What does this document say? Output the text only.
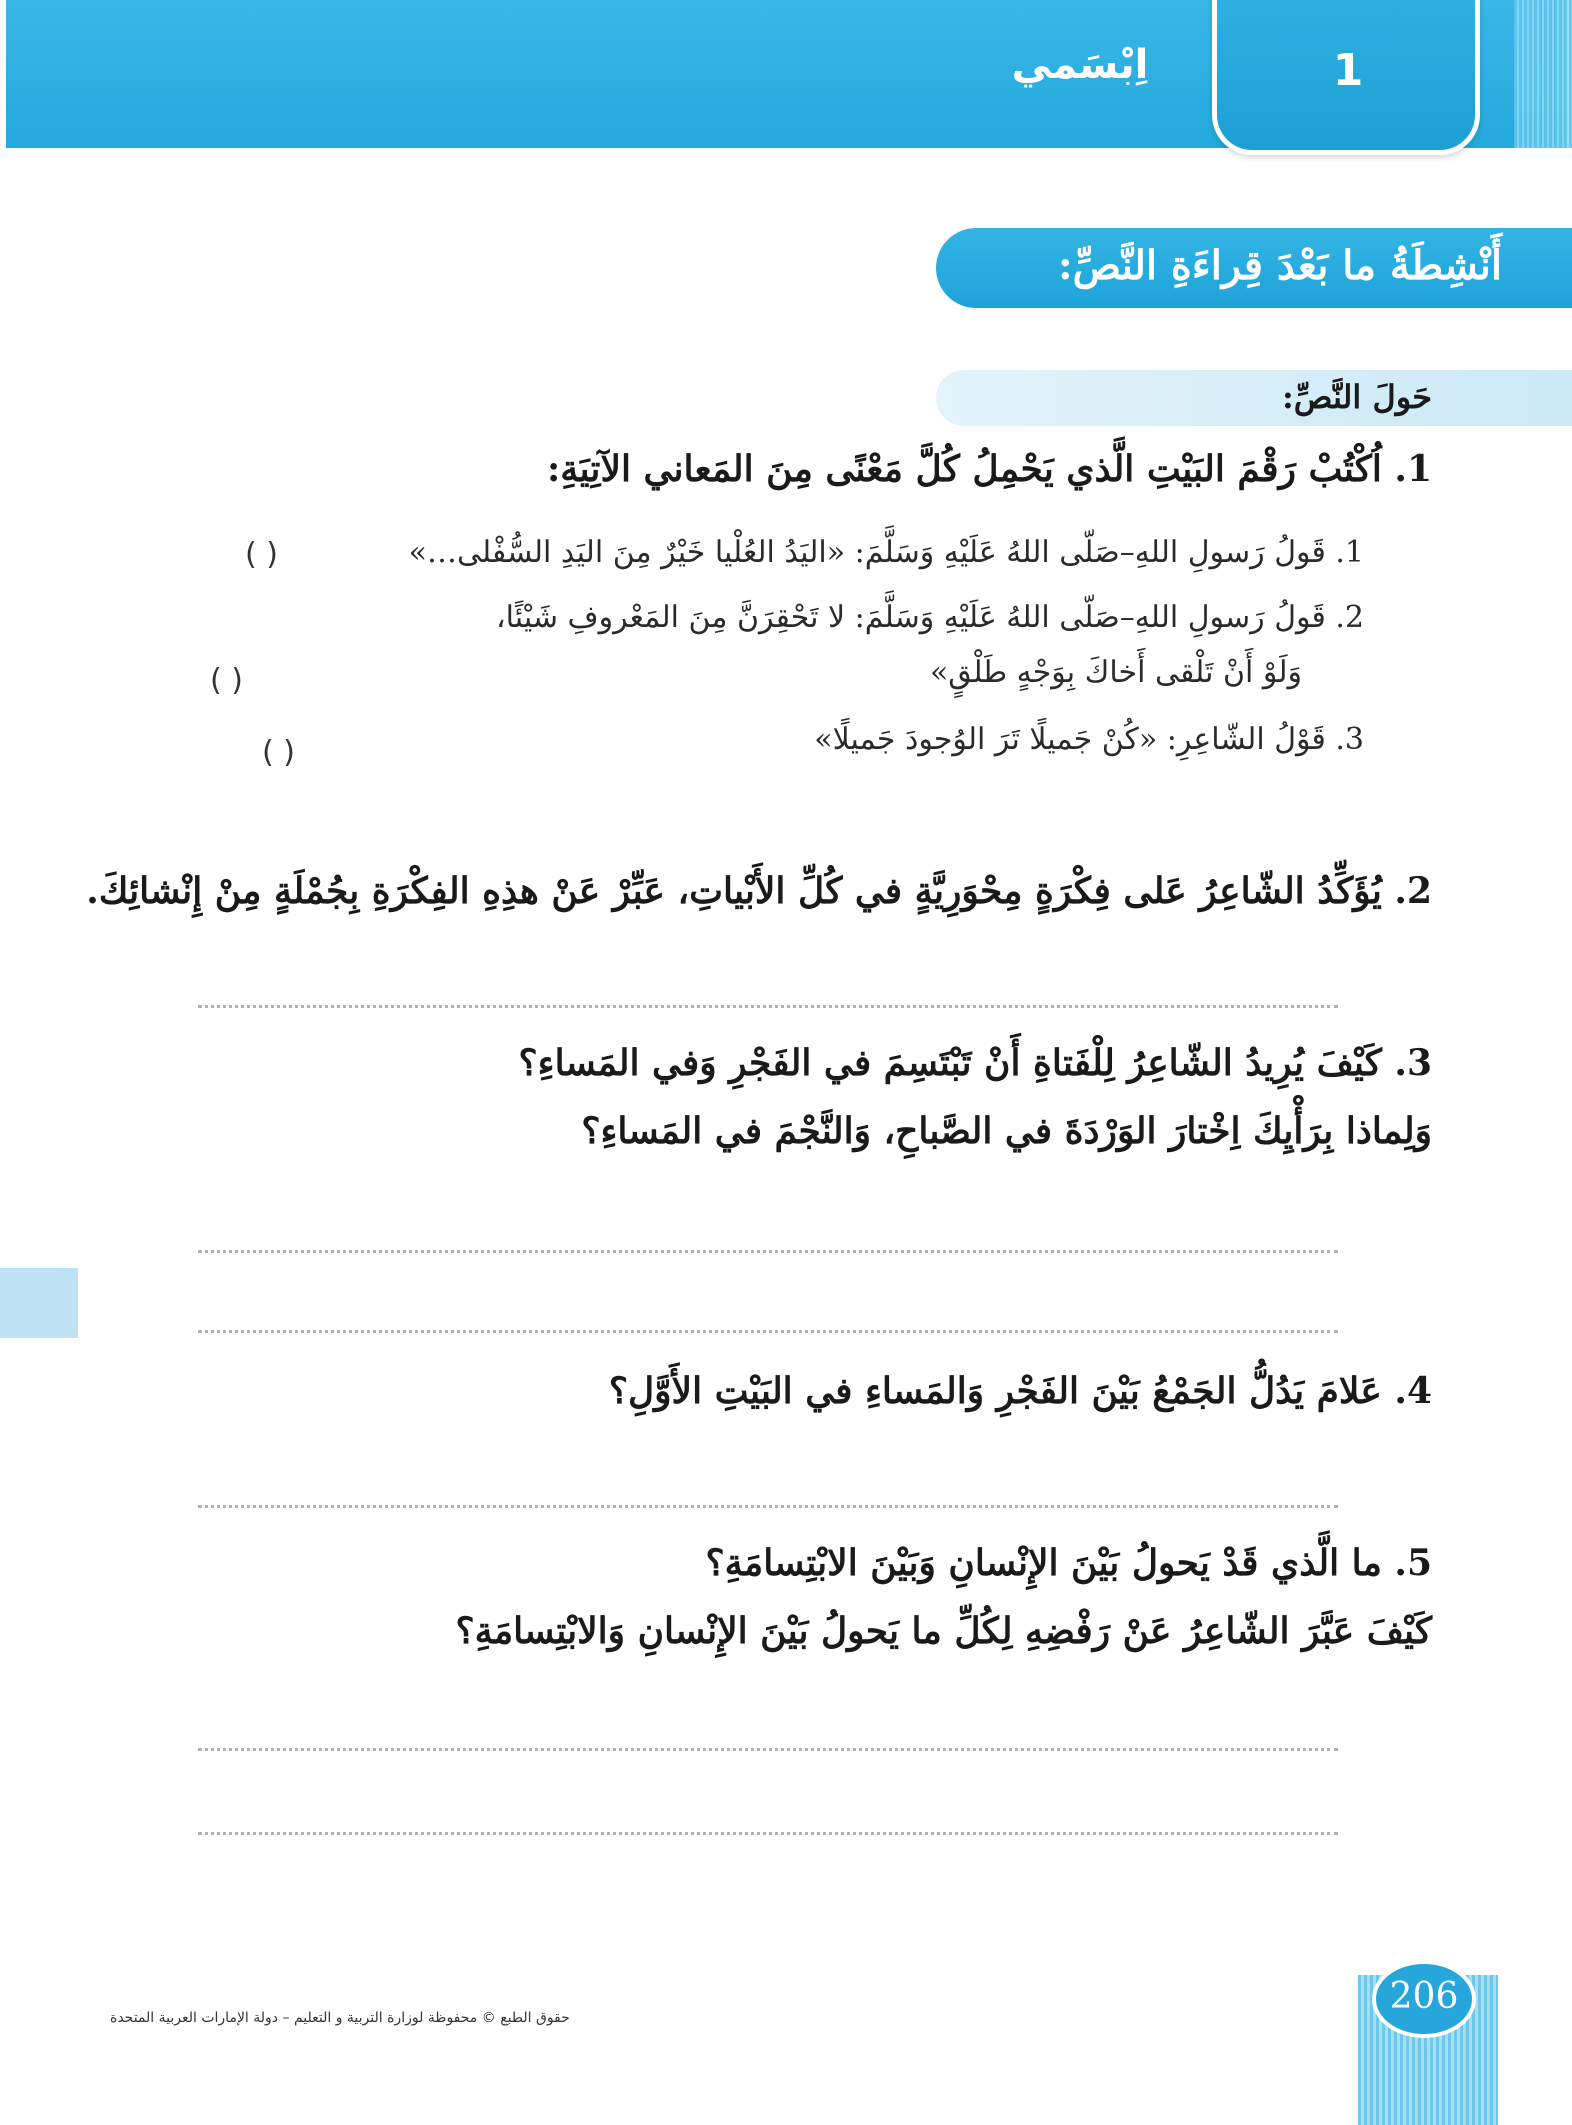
1
اِبْسَمي
أَنْشِطَةُ ما بَعْدَ قِراءَةِ النَّصِّ:
حَولَ النَّصِّ:
1. اُكْتُبْ رَقْمَ البَيْتِ الَّذي يَحْمِلُ كُلَّ مَعْنًى مِنَ المَعاني الآتِيَةِ:
1. قَولُ رَسولِ اللهِ–صَلّى اللهُ عَلَيْهِ وَسَلَّمَ: «اليَدُ العُلْيا خَيْرٌ مِنَ اليَدِ السُّفْلى…»
2. قَولُ رَسولِ اللهِ–صَلّى اللهُ عَلَيْهِ وَسَلَّمَ: لا تَحْقِرَنَّ مِنَ المَعْروفِ شَيْئًا،
وَلَوْ أَنْ تَلْقى أَخاكَ بِوَجْهٍ طَلْقٍ»
3. قَوْلُ الشّاعِرِ: «كُنْ جَميلًا تَرَ الوُجودَ جَميلًا»
( )
( )
( )
2. يُؤَكِّدُ الشّاعِرُ عَلى فِكْرَةٍ مِحْوَرِيَّةٍ في كُلِّ الأَبْياتِ، عَبِّرْ عَنْ هذِهِ الفِكْرَةِ بِجُمْلَةٍ مِنْ إِنْشائِكَ.
3. كَيْفَ يُرِيدُ الشّاعِرُ لِلْفَتاةِ أَنْ تَبْتَسِمَ في الفَجْرِ وَفي المَساءِ؟
وَلِماذا بِرَأْيِكَ اِخْتارَ الوَرْدَةَ في الصَّباحِ، وَالنَّجْمَ في المَساءِ؟
4. عَلامَ يَدُلُّ الجَمْعُ بَيْنَ الفَجْرِ وَالمَساءِ في البَيْتِ الأَوَّلِ؟
5. ما الَّذي قَدْ يَحولُ بَيْنَ الإِنْسانِ وَبَيْنَ الابْتِسامَةِ؟
كَيْفَ عَبَّرَ الشّاعِرُ عَنْ رَفْضِهِ لِكُلِّ ما يَحولُ بَيْنَ الإِنْسانِ وَالابْتِسامَةِ؟
حقوق الطبع © محفوظة لوزارة التربية و التعليم – دولة الإمارات العربية المتحدة
206
